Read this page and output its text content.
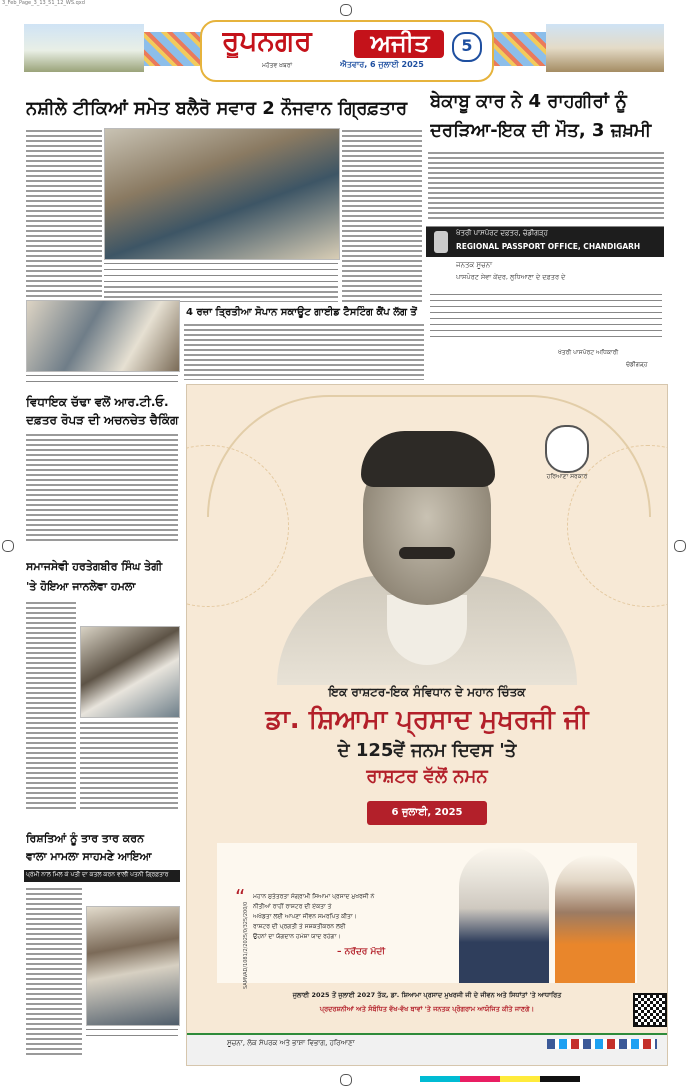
3_Feb_Page_3_13_51_12_WS.qxd
ਰੂਪਨਗਰ	ਅਜੀਤ	5
ਮਹੱਤਵ ਖ਼ਬਰਾਂ	ਐਤਵਾਰ, 6 ਜੁਲਾਈ 2025
ਨਸ਼ੀਲੇ ਟੀਕਿਆਂ ਸਮੇਤ ਬਲੈਰੋ ਸਵਾਰ 2 ਨੌਜਵਾਨ ਗ੍ਰਿਫ਼ਤਾਰ	ਬੇਕਾਬੂ ਕਾਰ ਨੇ 4 ਰਾਹਗੀਰਾਂ ਨੂੰ
ਦਰੜਿਆ-ਇਕ ਦੀ ਮੌਤ, 3 ਜ਼ਖ਼ਮੀ
ਖੇਤਰੀ ਪਾਸਪੋਰਟ ਦਫ਼ਤਰ, ਚੰਡੀਗੜ੍ਹ
REGIONAL PASSPORT OFFICE, CHANDIGARH
ਜਨਤਕ ਸੂਚਨਾ
ਪਾਸਪੋਰਟ ਸੇਵਾ ਕੇਂਦਰ, ਲੁਧਿਆਣਾ ਦੇ ਦਫ਼ਤਰ ਦੇ
ਖੇਤਰੀ ਪਾਸਪੋਰਟ ਅਧਿਕਾਰੀ
ਚੰਡੀਗੜ੍ਹ
4 ਰਜ਼ਾ ਤ੍ਰਿਤੀਆ ਸੋਪਾਨ ਸਕਾਊਟ ਗਾਈਡ ਟੈਸਟਿੰਗ ਕੈਂਪ ਲੱਗ ਤੋਂ
ਵਿਧਾਇਕ ਚੱਢਾ ਵਲੋਂ ਆਰ.ਟੀ.ਓ.
ਦਫ਼ਤਰ ਰੋਪੜ ਦੀ ਅਚਨਚੇਤ ਚੈਕਿੰਗ
ਸਮਾਜਸੇਵੀ ਹਰਤੇਗਬੀਰ ਸਿੰਘ ਤੇਗੀ
'ਤੇ ਹੋਇਆ ਜਾਨਲੇਵਾ ਹਮਲਾ
ਰਿਸ਼ਤਿਆਂ ਨੂੰ ਤਾਰ ਤਾਰ ਕਰਨ
ਵਾਲਾ ਮਾਮਲਾ ਸਾਹਮਣੇ ਆਇਆ
ਪ੍ਰੇਮੀ ਨਾਲ ਮਿਲ ਕੇ ਪਤੀ ਦਾ ਕਤਲ ਕਰਨ ਵਾਲੀ ਪਤਨੀ ਗ੍ਰਿਫ਼ਤਾਰ
ਹਰਿਆਣਾ ਸਰਕਾਰ
ਇਕ ਰਾਸ਼ਟਰ-ਇਕ ਸੰਵਿਧਾਨ ਦੇ ਮਹਾਨ ਚਿੰਤਕ
ਡਾ. ਸ਼ਿਆਮਾ ਪ੍ਰਸਾਦ ਮੁਖਰਜੀ ਜੀ
ਦੇ 125ਵੇਂ ਜਨਮ ਦਿਵਸ 'ਤੇ
ਰਾਸ਼ਟਰ ਵੱਲੋਂ ਨਮਨ
6 ਜੁਲਾਈ, 2025
“	ਮਹਾਨ ਸੁਤੰਤਰਤਾ ਸੰਗ੍ਰਾਮੀ ਸਿਆਮਾ ਪ੍ਰਸਾਦ ਮੁਖਰਜੀ ਨੇ
ਨੀਤੀਆਂ ਰਾਹੀਂ ਰਾਸ਼ਟਰ ਦੀ ਏਕਤਾ ਤੇ
ਅਖੰਡਤਾ ਲਈ ਆਪਣਾ ਜੀਵਨ ਸਮਰਪਿਤ ਕੀਤਾ।
ਰਾਸ਼ਟਰ ਦੀ ਪ੍ਰਗਤੀ ਤੇ ਸਸ਼ਕਤੀਕਰਨ ਲਈ
ਉਹਨਾਂ ਦਾ ਯੋਗਦਾਨ ਹਮੇਸ਼ਾ ਯਾਦ ਰਹੇਗਾ।
– ਨਰੇਂਦਰ ਮੋਦੀ
SAMVAD/1081/2/2025/0/325/200/0
ਜੁਲਾਈ 2025 ਤੋਂ ਜੁਲਾਈ 2027 ਤੱਕ, ਡਾ. ਸ਼ਿਆਮਾ ਪ੍ਰਸਾਦ ਮੁਖਰਜੀ ਜੀ ਦੇ ਜੀਵਨ ਅਤੇ ਸਿਧਾਂਤਾਂ 'ਤੇ ਆਧਾਰਿਤ
ਪ੍ਰਦਰਸ਼ਨੀਆਂ ਅਤੇ ਸੰਬੰਧਿਤ ਵੱਖ-ਵੱਖ ਥਾਵਾਂ 'ਤੇ ਜਨਤਕ ਪ੍ਰੋਗਰਾਮ ਆਯੋਜਿਤ ਕੀਤੇ ਜਾਣਗੇ।
ਸੂਚਨਾ, ਲੋਕ ਸੰਪਰਕ ਅਤੇ ਭਾਸ਼ਾ ਵਿਭਾਗ, ਹਰਿਆਣਾ
